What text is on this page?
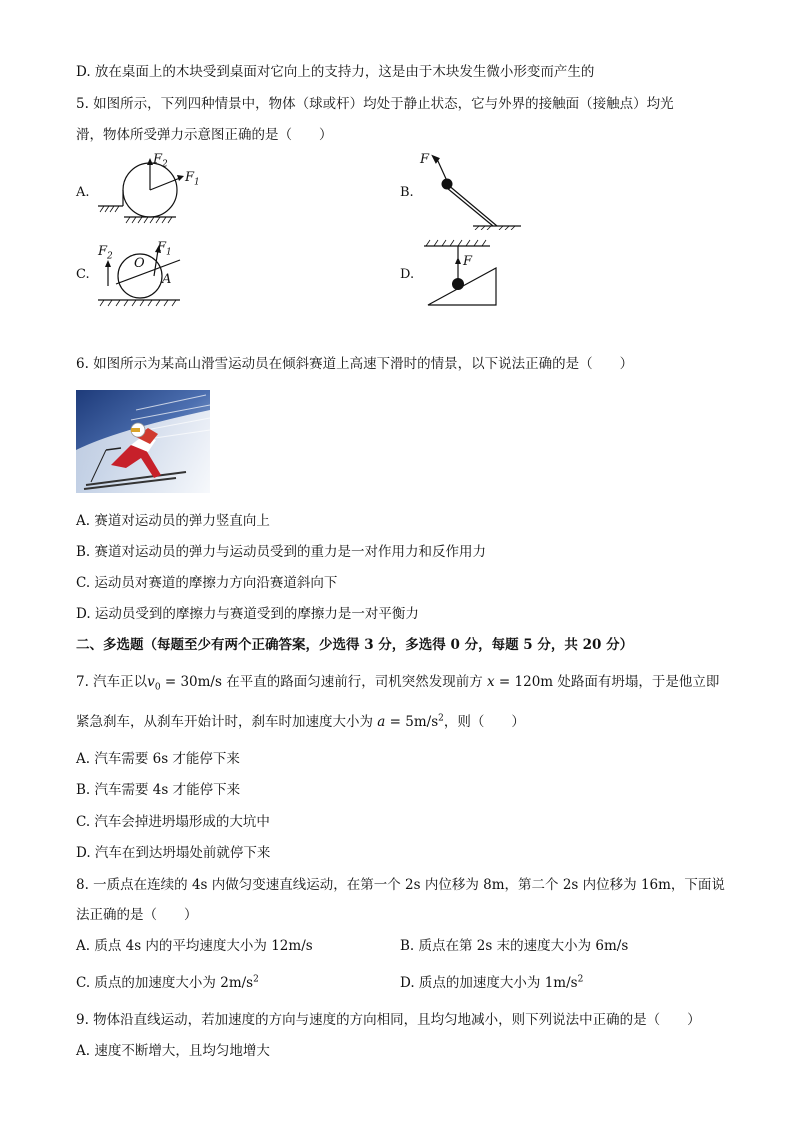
D. 放在桌面上的木块受到桌面对它向上的支持力，这是由于木块发生微小形变而产生的
5. 如图所示，下列四种情景中，物体（球或杆）均处于静止状态，它与外界的接触面（接触点）均光
滑，物体所受弹力示意图正确的是（　　）
A.
$F_2$
$F_1$
B.
F
C.
$F_2$
$F_1$
O
A	D.
F
6. 如图所示为某高山滑雪运动员在倾斜赛道上高速下滑时的情景，以下说法正确的是（　　）
A. 赛道对运动员的弹力竖直向上
B. 赛道对运动员的弹力与运动员受到的重力是一对作用力和反作用力
C. 运动员对赛道的摩擦力方向沿赛道斜向下
D. 运动员受到的摩擦力与赛道受到的摩擦力是一对平衡力
二、多选题（每题至少有两个正确答案，少选得 3 分，多选得 0 分，每题 5 分，共 20 分）
7. 汽车正以$v_0 = 30m/s$ 在平直的路面匀速前行，司机突然发现前方 x = 120m 处路面有坍塌，于是他立即
紧急刹车，从刹车开始计时，刹车时加速度大小为 $a = 5m/s^2$，则（　　）
A. 汽车需要 6s 才能停下来
B. 汽车需要 4s 才能停下来
C. 汽车会掉进坍塌形成的大坑中
D. 汽车在到达坍塌处前就停下来
8. 一质点在连续的 4s 内做匀变速直线运动，在第一个 2s 内位移为 8m，第二个 2s 内位移为 16m，下面说
法正确的是（　　）
A. 质点 4s 内的平均速度大小为 12m/s	B. 质点在第 2s 末的速度大小为 6m/s
C. 质点的加速度大小为 $2m/s^2$	D. 质点的加速度大小为 $1m/s^2$
9. 物体沿直线运动，若加速度的方向与速度的方向相同，且均匀地减小，则下列说法中正确的是（　　）
A. 速度不断增大，且均匀地增大
